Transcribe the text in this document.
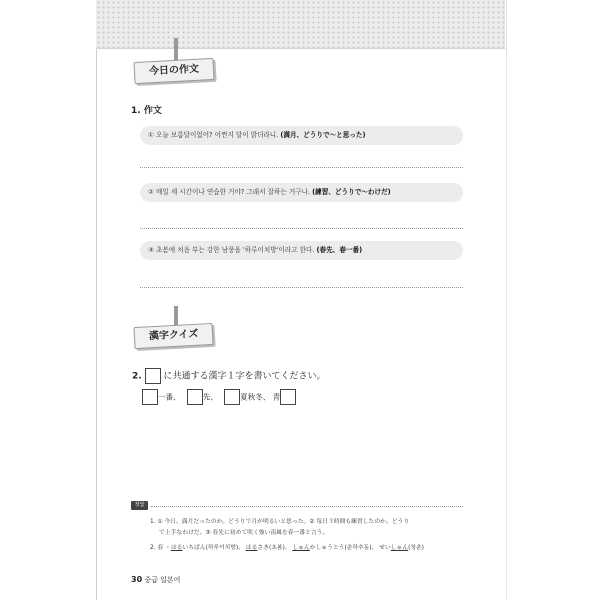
今日の作文
1. 作文
① 오늘 보름달이었어? 어쩐지 달이 밝더라니. (満月、どうりで〜と思った)
② 매일 세 시간이나 연습한 거야? 그래서 잘하는 거구나. (練習、どうりで〜わけだ)
③ 초봄에 처음 부는 강한 남풍을 '하루이치방'이라고 한다. (春先、春一番)
漢字クイズ
2. に共通する漢字１字を書いてください。
一番、	先、	夏秋冬、 青
정답
1. ① 今日、満月だったのか。どうりで月が明るいと思った。② 毎日３時間も練習したのか。どうり
で上手なわけだ。③ 春先に初めて吹く強い南風を春一番と言う。
2. 春 ・はるいちばん(하루이치방)、 はるさき(초봄)、 しゅんかしゅうとう(춘하추동)、 せいしゅん(청춘)
30 중급 일본어
